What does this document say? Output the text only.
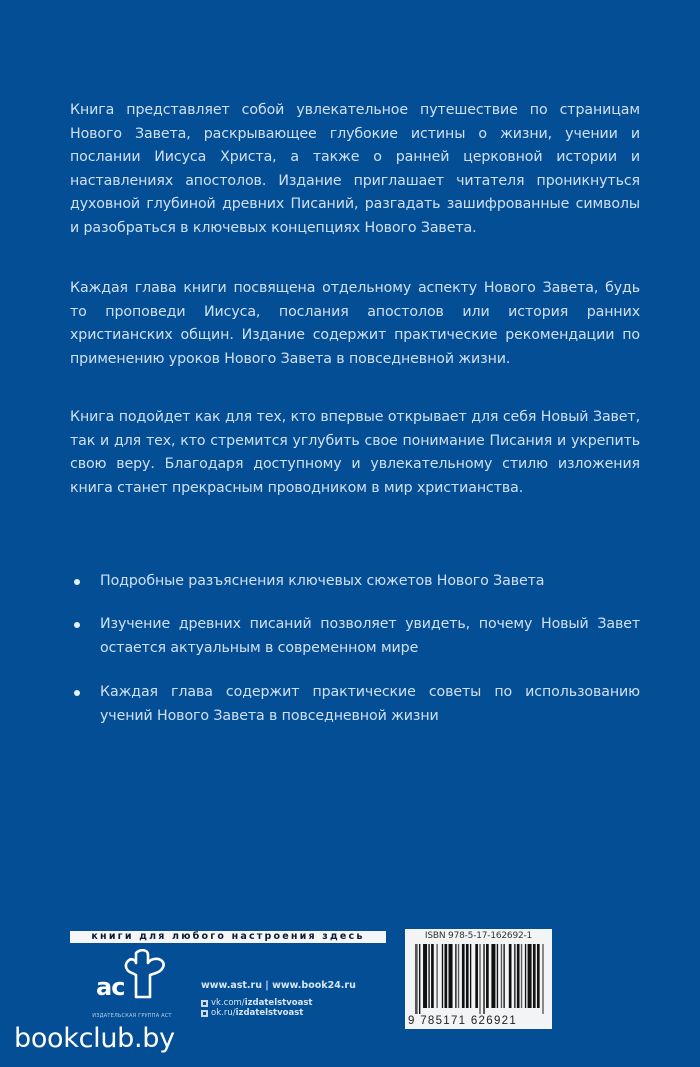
Книга представляет собой увлекательное путешествие по страницам Нового Завета, раскрывающее глубокие истины о жизни, учении и послании Иисуса Христа, а также о ранней церковной истории и наставлениях апостолов. Издание приглашает читателя проникнуться духовной глубиной древних Писаний, разгадать зашифрованные символы и разобраться в ключевых концепциях Нового Завета.

Каждая глава книги посвящена отдельному аспекту Нового Завета, будь то проповеди Иисуса, послания апостолов или история ранних христианских общин. Издание содержит практические рекомендации по применению уроков Нового Завета в повседневной жизни.

Книга подойдет как для тех, кто впервые открывает для себя Новый Завет, так и для тех, кто стремится углубить свое понимание Писания и укрепить свою веру. Благодаря доступному и увлекательному стилю изложения книга станет прекрасным проводником в мир христианства.

Подробные разъяснения ключевых сюжетов Нового Завета
Изучение древних писаний позволяет увидеть, почему Новый Завет остается актуальным в современном мире
Каждая глава содержит практические советы по использованию учений Нового Завета в повседневной жизни
книги для любого настроения здесь
ac
ИЗДАТЕЛЬСКАЯ ГРУППА АСТ
www.ast.ru | www.book24.ru
vk.com/ izdatelstvoast
ok.ru/ izdatelstvoast
ISBN 978-5-17-162692-1
9 785171 626921
bookclub.by
